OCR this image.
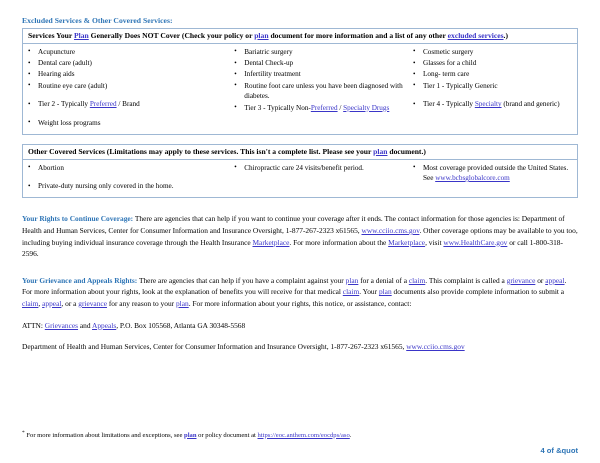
Excluded Services & Other Covered Services:
Services Your Plan Generally Does NOT Cover (Check your policy or plan document for more information and a list of any other excluded services.)
• Acupuncture
• Dental care (adult)
• Hearing aids
• Routine eye care (adult)
• Tier 2 - Typically Preferred / Brand
• Weight loss programs
• Bariatric surgery
• Dental Check-up
• Infertility treatment
• Routine foot care unless you have been diagnosed with diabetes.
• Tier 3 - Typically Non-Preferred / Specialty Drugs
• Cosmetic surgery
• Glasses for a child
• Long- term care
• Tier 1 - Typically Generic
• Tier 4 - Typically Specialty (brand and generic)
Other Covered Services (Limitations may apply to these services. This isn't a complete list. Please see your plan document.)
• Abortion
• Private-duty nursing only covered in the home.
• Chiropractic care 24 visits/benefit period.	• Most coverage provided outside the United States. See www.bcbsglobalcore.com

Your Rights to Continue Coverage: There are agencies that can help if you want to continue your coverage after it ends. The contact information for those agencies is: Department of Health and Human Services, Center for Consumer Information and Insurance Oversight, 1-877-267-2323 x61565, www.cciio.cms.gov. Other coverage options may be available to you too, including buying individual insurance coverage through the Health Insurance Marketplace. For more information about the Marketplace, visit www.HealthCare.gov or call 1-800-318-2596.

Your Grievance and Appeals Rights: There are agencies that can help if you have a complaint against your plan for a denial of a claim. This complaint is called a grievance or appeal. For more information about your rights, look at the explanation of benefits you will receive for that medical claim. Your plan documents also provide complete information to submit a claim, appeal, or a grievance for any reason to your plan. For more information about your rights, this notice, or assistance, contact:

ATTN: Grievances and Appeals, P.O. Box 105568, Atlanta GA 30348-5568

Department of Health and Human Services, Center for Consumer Information and Insurance Oversight, 1-877-267-2323 x61565, www.cciio.cms.gov

* For more information about limitations and exceptions, see plan or policy document at https://eoc.anthem.com/eocdps/aso.
4 of &quot
